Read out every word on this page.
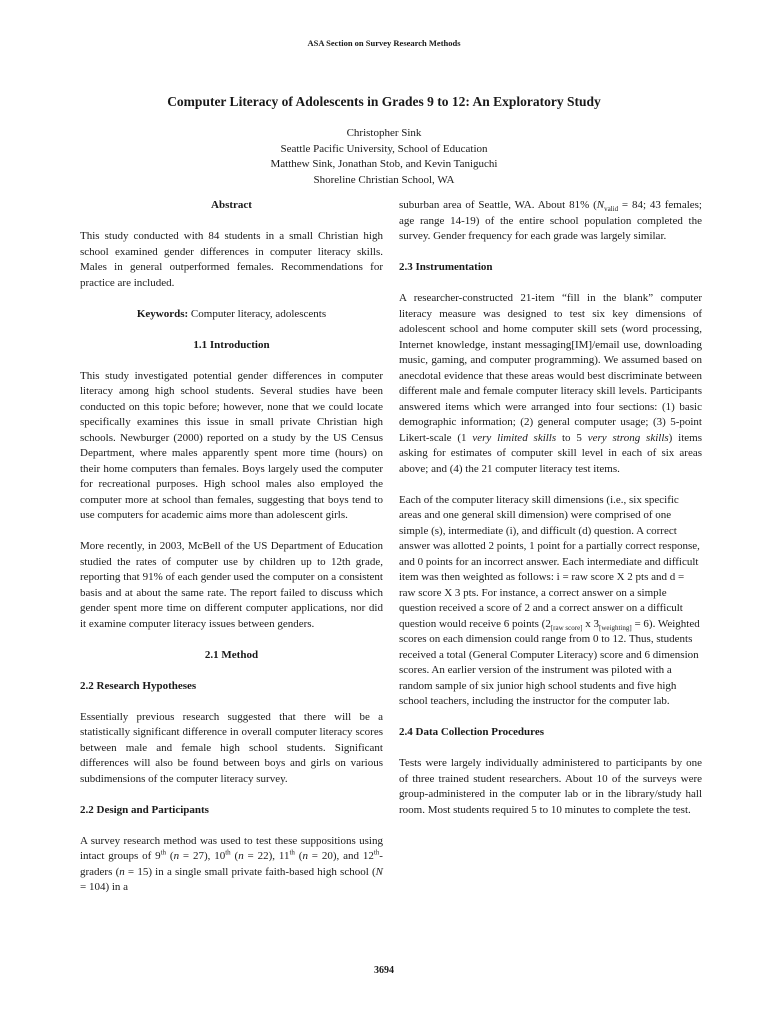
ASA Section on Survey Research Methods
Computer Literacy of Adolescents in Grades 9 to 12: An Exploratory Study
Christopher Sink
Seattle Pacific University, School of Education
Matthew Sink, Jonathan Stob, and Kevin Taniguchi
Shoreline Christian School, WA
Abstract

This study conducted with 84 students in a small Christian high school examined gender differences in computer literacy skills. Males in general outperformed females. Recommendations for practice are included.

Keywords: Computer literacy, adolescents

1.1 Introduction

This study investigated potential gender differences in computer literacy among high school students. Several studies have been conducted on this topic before; however, none that we could locate specifically examines this issue in small private Christian high schools. Newburger (2000) reported on a study by the US Census Department, where males apparently spent more time (hours) on their home computers than females. Boys largely used the computer for recreational purposes. High school males also employed the computer more at school than females, suggesting that boys tend to use computers for academic aims more than adolescent girls.

More recently, in 2003, McBell of the US Department of Education studied the rates of computer use by children up to 12th grade, reporting that 91% of each gender used the computer on a consistent basis and at about the same rate. The report failed to discuss which gender spent more time on different computer applications, nor did it examine computer literacy issues between genders.

2.1 Method
2.2 Research Hypotheses

Essentially previous research suggested that there will be a statistically significant difference in overall computer literacy scores between male and female high school students. Significant differences will also be found between boys and girls on various subdimensions of the computer literacy survey.

2.2 Design and Participants

A survey research method was used to test these suppositions using intact groups of 9th (n = 27), 10th (n = 22), 11th (n = 20), and 12th-graders (n = 15) in a single small private faith-based high school (N = 104) in a

suburban area of Seattle, WA. About 81% ($N_{valid} = 84$; 43 females; age range 14-19) of the entire school population completed the survey. Gender frequency for each grade was largely similar.

2.3 Instrumentation

A researcher-constructed 21-item “fill in the blank” computer literacy measure was designed to test six key dimensions of adolescent school and home computer skill sets (word processing, Internet knowledge, instant messaging[IM]/email use, downloading music, gaming, and computer programming). We assumed based on anecdotal evidence that these areas would best discriminate between different male and female computer literacy skill levels. Participants answered items which were arranged into four sections: (1) basic demographic information; (2) general computer usage; (3) 5-point Likert-scale (1 very limited skills to 5 very strong skills) items asking for estimates of computer skill level in each of six areas above; and (4) the 21 computer literacy test items.

Each of the computer literacy skill dimensions (i.e., six specific areas and one general skill dimension) were comprised of one simple (s), intermediate (i), and difficult (d) question. A correct answer was allotted 2 points, 1 point for a partially correct response, and 0 points for an incorrect answer. Each intermediate and difficult item was then weighted as follows: i = raw score X 2 pts and d = raw score X 3 pts. For instance, a correct answer on a simple question received a score of 2 and a correct answer on a difficult question would receive 6 points ($2_{[raw score]}$ x $3_{[weighting]} = 6$). Weighted scores on each dimension could range from 0 to 12. Thus, students received a total (General Computer Literacy) score and 6 dimension scores. An earlier version of the instrument was piloted with a random sample of six junior high school students and five high school teachers, including the instructor for the computer lab.

2.4 Data Collection Procedures

Tests were largely individually administered to participants by one of three trained student researchers. About 10 of the surveys were group-administered in the computer lab or in the library/study hall room. Most students required 5 to 10 minutes to complete the test.

3694
